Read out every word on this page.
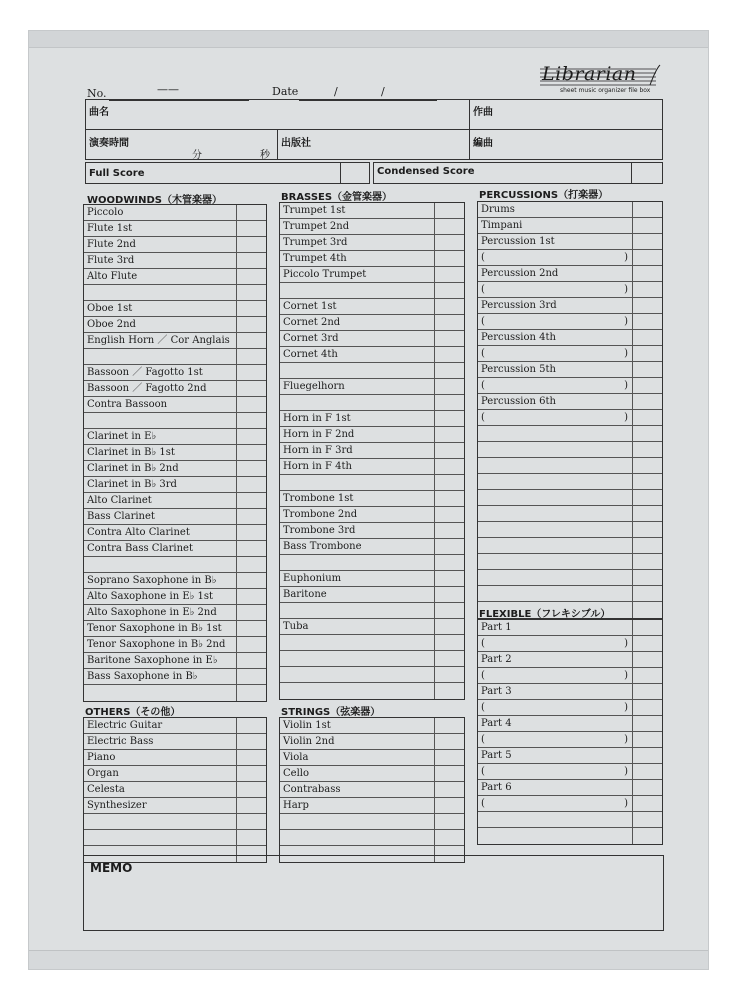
Librarian
sheet music organizer file box
No.	——	Date	/	/
曲名	作曲
演奏時間
分	秒
出版社	編曲
Full Score	Condensed Score
WOODWINDS（木管楽器）	BRASSES（金管楽器）	PERCUSSIONS（打楽器）
FLEXIBLE（フレキシブル）
OTHERS（その他）	STRINGS（弦楽器）
Piccolo
Flute 1st
Flute 2nd
Flute 3rd
Alto Flute
Oboe 1st
Oboe 2nd
English Horn ／ Cor Anglais
Bassoon ／ Fagotto 1st
Bassoon ／ Fagotto 2nd
Contra Bassoon
Clarinet in E♭
Clarinet in B♭ 1st
Clarinet in B♭ 2nd
Clarinet in B♭ 3rd
Alto Clarinet
Bass Clarinet
Contra Alto Clarinet
Contra Bass Clarinet
Soprano Saxophone in B♭
Alto Saxophone in E♭ 1st
Alto Saxophone in E♭ 2nd
Tenor Saxophone in B♭ 1st
Tenor Saxophone in B♭ 2nd
Baritone Saxophone in E♭
Bass Saxophone in B♭
Trumpet 1st
Trumpet 2nd
Trumpet 3rd
Trumpet 4th
Piccolo Trumpet
Cornet 1st
Cornet 2nd
Cornet 3rd
Cornet 4th
Fluegelhorn
Horn in F 1st
Horn in F 2nd
Horn in F 3rd
Horn in F 4th
Trombone 1st
Trombone 2nd
Trombone 3rd
Bass Trombone
Euphonium
Baritone
Tuba
Drums
Timpani
Percussion 1st
(	)
Percussion 2nd
(	)
Percussion 3rd
(	)
Percussion 4th
(	)
Percussion 5th
(	)
Percussion 6th
(	)
Part 1
(	)
Part 2
(	)
Part 3
(	)
Part 4
(	)
Part 5
(	)
Part 6
(	)
Electric Guitar
Electric Bass
Piano
Organ
Celesta
Synthesizer
Violin 1st
Violin 2nd
Viola
Cello
Contrabass
Harp
MEMO
